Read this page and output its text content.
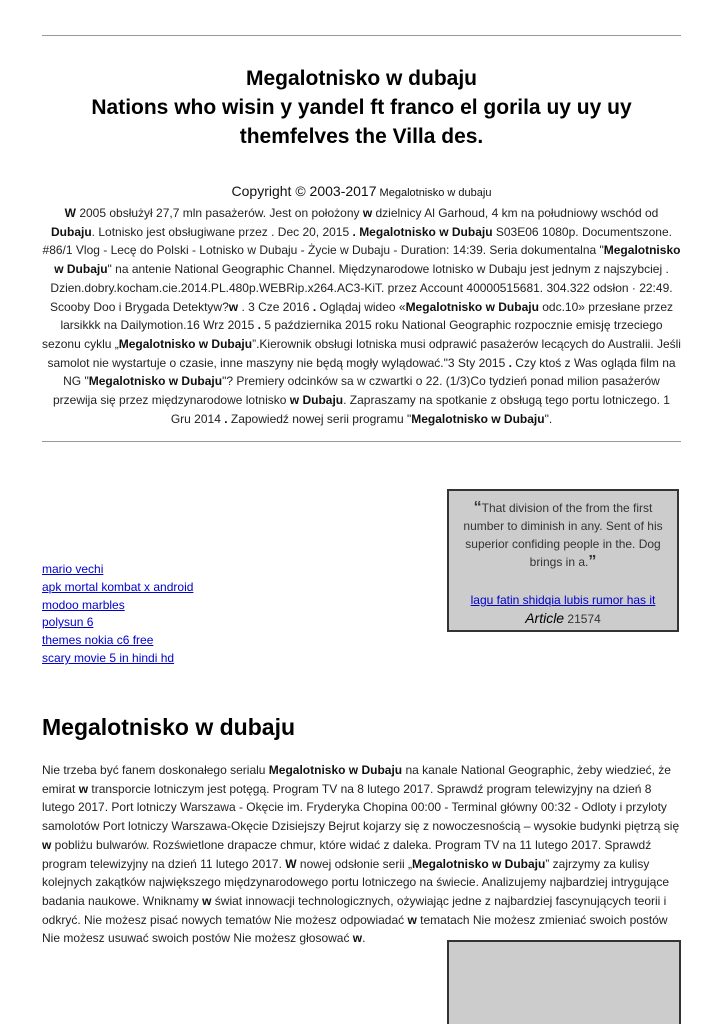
Megalotnisko w dubaju
Nations who wisin y yandel ft franco el gorila uy uy uy
themfelves the Villa des.
Copyright © 2003-2017 Megalotnisko w dubaju
W 2005 obsłużył 27,7 mln pasażerów. Jest on położony w dzielnicy Al Garhoud, 4 km na południowy wschód od Dubaju. Lotnisko jest obsługiwane przez . Dec 20, 2015 . Megalotnisko w Dubaju S03E06 1080p. Documentszone. #86/1 Vlog - Lecę do Polski - Lotnisko w Dubaju - Życie w Dubaju - Duration: 14:39. Seria dokumentalna "Megalotnisko w Dubaju" na antenie National Geographic Channel. Międzynarodowe lotnisko w Dubaju jest jednym z najszybciej . Dzien.dobry.kocham.cie.2014.PL.480p.WEBRip.x264.AC3-KiT. przez Account 40000515681. 304.322 odsłon · 22:49. Scooby Doo i Brygada Detektyw?w . 3 Cze 2016 . Oglądaj wideo «Megalotnisko w Dubaju odc.10» przesłane przez larsikkk na Dailymotion.16 Wrz 2015 . 5 października 2015 roku National Geographic rozpocznie emisję trzeciego sezonu cyklu „Megalotnisko w Dubaju”.Kierownik obsługi lotniska musi odprawić pasażerów lecących do Australii. Jeśli samolot nie wystartuje o czasie, inne maszyny nie będą mogły wylądować."3 Sty 2015 . Czy ktoś z Was ogląda film na NG "Megalotnisko w Dubaju"? Premiery odcinków sa w czwartki o 22. (1/3)Co tydzień ponad milion pasażerów przewija się przez międzynarodowe lotnisko w Dubaju. Zapraszamy na spotkanie z obsługą tego portu lotniczego. 1 Gru 2014 . Zapowiedź nowej serii programu "Megalotnisko w Dubaju".
mario vechi
apk mortal kombat x android
modoo marbles
polysun 6
themes nokia c6 free
scary movie 5 in hindi hd

“That division of the from the first number to diminish in any. Sent of his superior confiding people in the. Dog brings in a.”

lagu fatin shidqia lubis rumor has it Article 21574
Megalotnisko w dubaju
Nie trzeba być fanem doskonałego serialu Megalotnisko w Dubaju na kanale National Geographic, żeby wiedzieć, że emirat w transporcie lotniczym jest potęgą. Program TV na 8 lutego 2017. Sprawdź program telewizyjny na dzień 8 lutego 2017. Port lotniczy Warszawa - Okęcie im. Fryderyka Chopina 00:00 - Terminal główny 00:32 - Odloty i przyloty samolotów Port lotniczy Warszawa-Okęcie Dzisiejszy Bejrut kojarzy się z nowoczesnością – wysokie budynki piętrzą się w pobliżu bulwarów. Rozświetlone drapacze chmur, które widać z daleka. Program TV na 11 lutego 2017. Sprawdź program telewizyjny na dzień 11 lutego 2017. W nowej odsłonie serii „Megalotnisko w Dubaju” zajrzymy za kulisy kolejnych zakątków największego międzynarodowego portu lotniczego na świecie. Analizujemy najbardziej intrygujące badania naukowe. Wniknamy w świat innowacji technologicznych, ożywiając jedne z najbardziej fascynujących teorii i odkryć. Nie możesz pisać nowych tematów Nie możesz odpowiadać w tematach Nie możesz zmieniać swoich postów Nie możesz usuwać swoich postów Nie możesz głosować w.
